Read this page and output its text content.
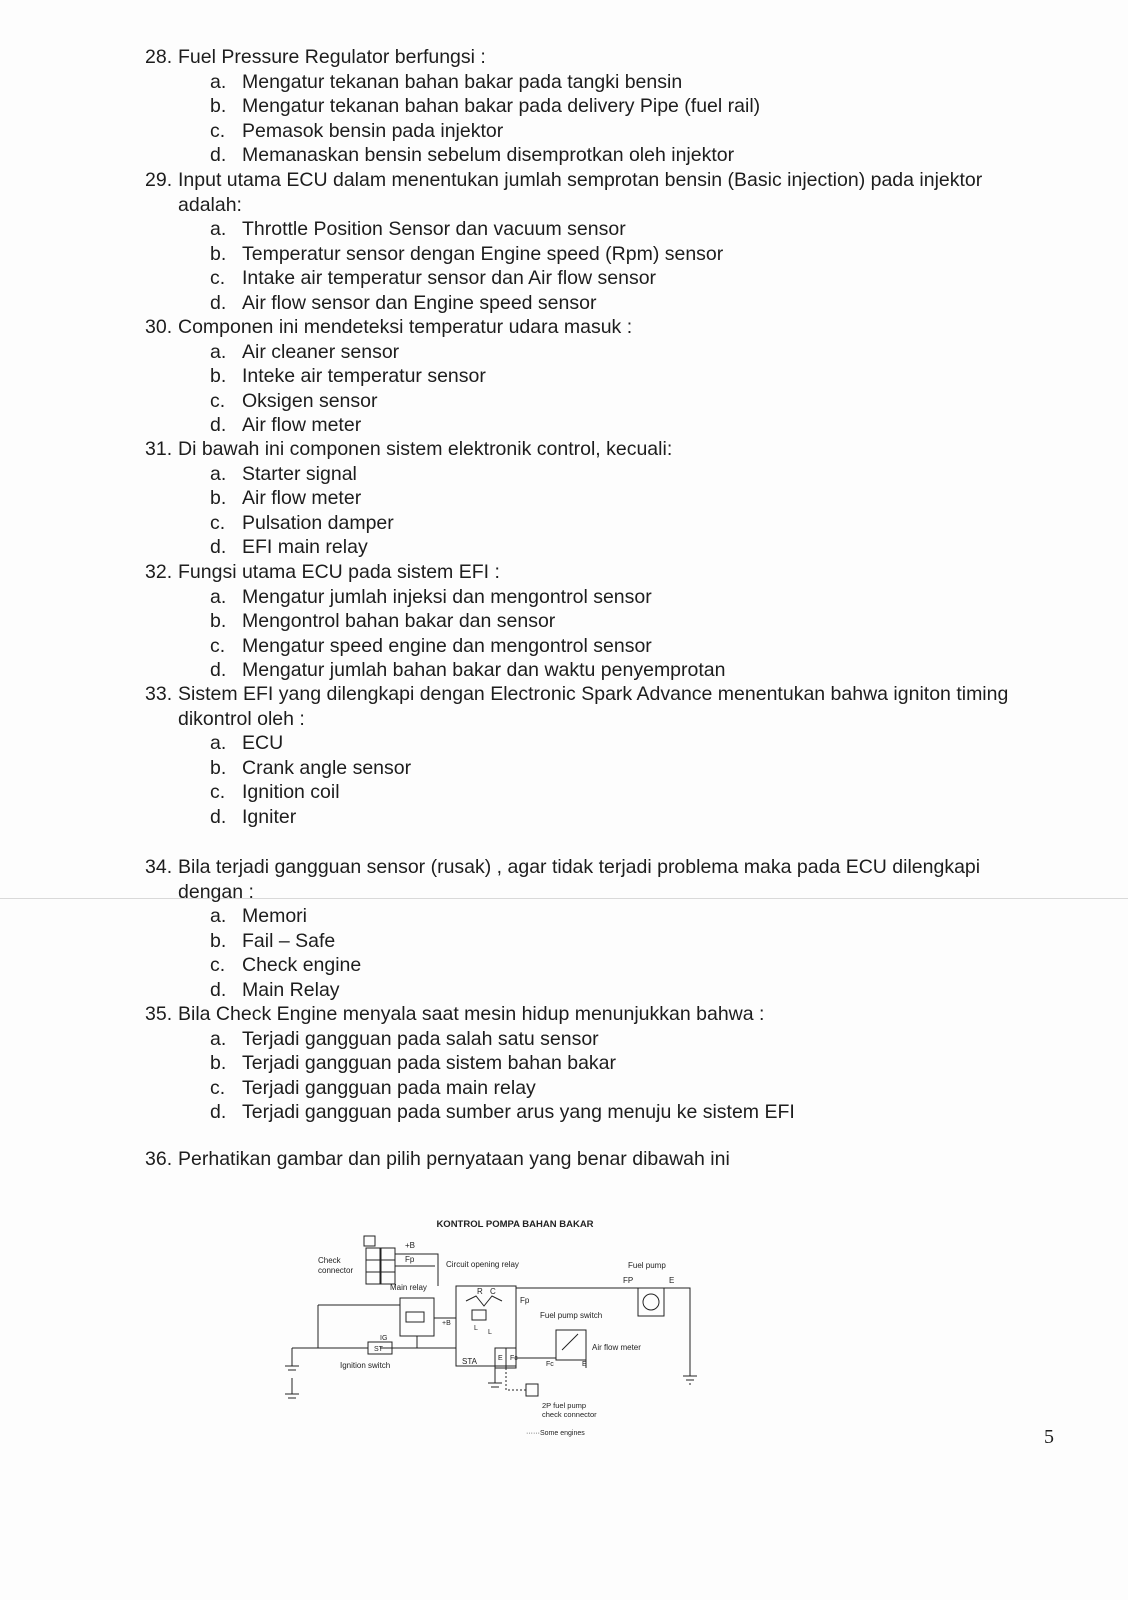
28. Fuel Pressure Regulator berfungsi :
a. Mengatur tekanan bahan bakar pada tangki bensin
b. Mengatur tekanan bahan bakar pada delivery Pipe (fuel rail)
c. Pemasok bensin pada injektor
d. Memanaskan bensin sebelum disemprotkan oleh injektor
29. Input utama ECU dalam menentukan jumlah semprotan bensin (Basic injection) pada injektor adalah:
a. Throttle Position Sensor dan vacuum sensor
b. Temperatur sensor dengan Engine speed (Rpm) sensor
c. Intake air temperatur sensor dan Air flow sensor
d. Air flow sensor dan Engine speed sensor
30. Componen ini mendeteksi temperatur udara masuk :
a. Air cleaner sensor
b. Inteke air temperatur sensor
c. Oksigen sensor
d. Air flow meter
31. Di bawah ini componen sistem elektronik control, kecuali:
a. Starter signal
b. Air flow meter
c. Pulsation damper
d. EFI main relay
32. Fungsi utama ECU pada sistem EFI :
a. Mengatur jumlah injeksi dan mengontrol sensor
b. Mengontrol bahan bakar dan sensor
c. Mengatur speed engine dan mengontrol sensor
d. Mengatur jumlah bahan bakar dan waktu penyemprotan
33. Sistem EFI yang dilengkapi dengan Electronic Spark Advance menentukan bahwa igniton timing dikontrol oleh :
a. ECU
b. Crank angle sensor
c. Ignition coil
d. Igniter
34. Bila terjadi gangguan sensor (rusak) , agar tidak terjadi problema maka pada ECU dilengkapi dengan :
a. Memori
b. Fail – Safe
c. Check engine
d. Main Relay
35. Bila Check Engine menyala saat mesin hidup menunjukkan bahwa :
a. Terjadi gangguan pada salah satu sensor
b. Terjadi gangguan pada sistem bahan bakar
c. Terjadi gangguan pada main relay
d. Terjadi gangguan pada sumber arus yang menuju ke sistem EFI
36. Perhatikan gambar dan pilih pernyataan yang benar dibawah ini
KONTROL POMPA BAHAN BAKAR
Check
connector
+B
Fp
Circuit opening relay
R C
Fp
L
L
Fuel pump
FP	E
Main relay
+B
Fuel pump switch
Air flow meter
Fc	E
IG
ST
Ignition switch	STA	E Fc
2P fuel pump
check connector
······Some engines	5
